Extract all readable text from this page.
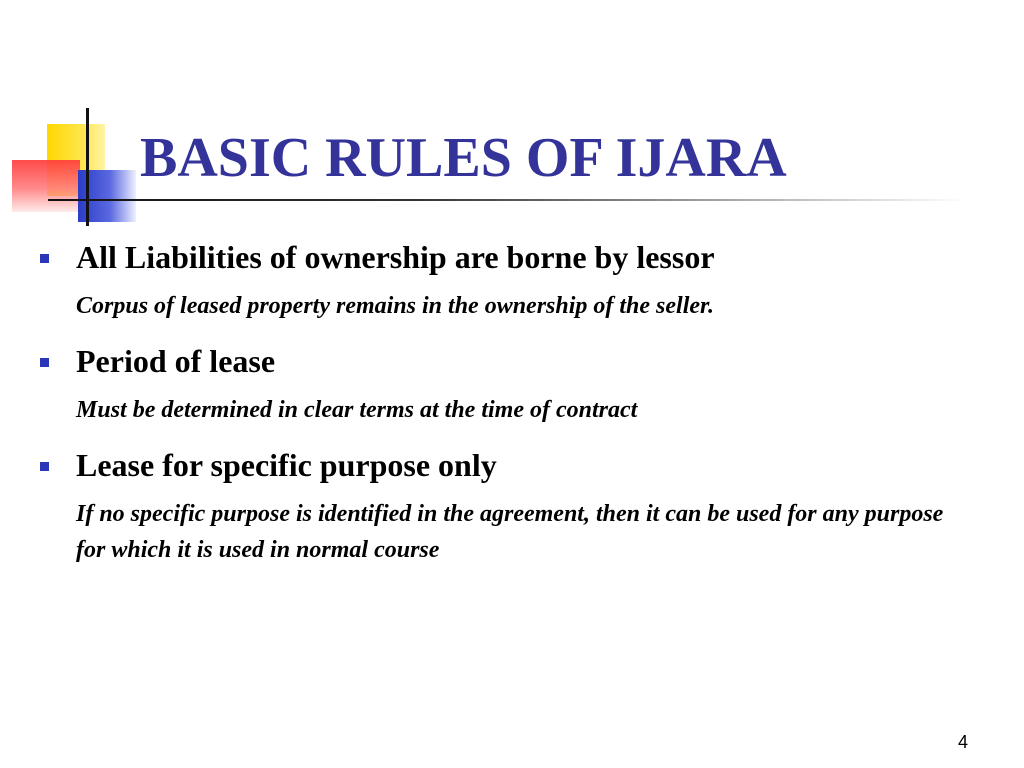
BASIC RULES OF IJARA
All Liabilities of ownership are borne by lessor
Corpus of leased property remains in the ownership of the seller.
Period of lease
Must be determined in clear terms at the time of contract
Lease for specific purpose only
If no specific purpose is identified in the agreement, then it can be used for any purpose for which it is used in normal course
4
